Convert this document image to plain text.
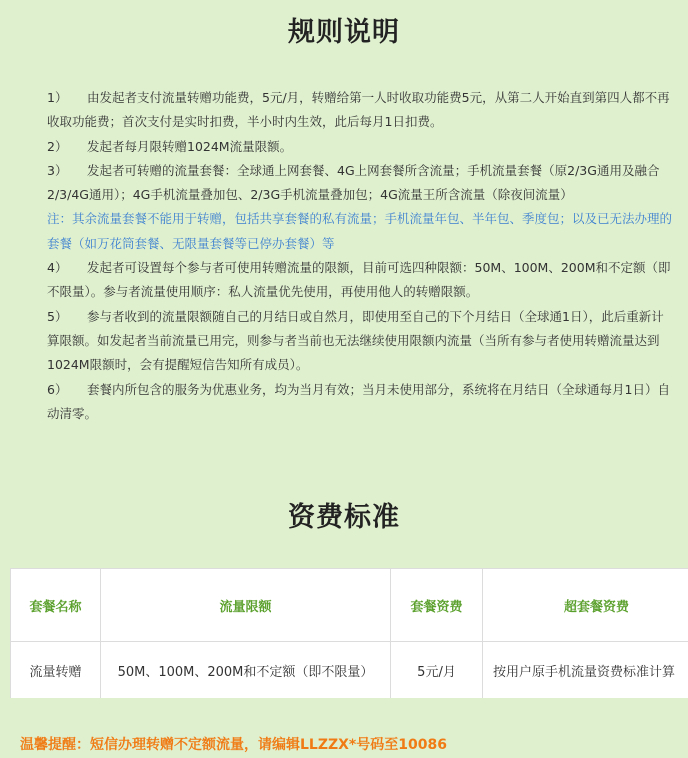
规则说明

1） 由发起者支付流量转赠功能费，5元/月，转赠给第一人时收取功能费5元，从第二人开始直到第四人都不再收取功能费；首次支付是实时扣费，半小时内生效，此后每月1日扣费。

2） 发起者每月限转赠1024M流量限额。

3） 发起者可转赠的流量套餐：全球通上网套餐、4G上网套餐所含流量；手机流量套餐（原2/3G通用及融合2/3/4G通用）；4G手机流量叠加包、2/3G手机流量叠加包；4G流量王所含流量（除夜间流量）

注：其余流量套餐不能用于转赠，包括共享套餐的私有流量；手机流量年包、半年包、季度包；以及已无法办理的套餐（如万花筒套餐、无限量套餐等已停办套餐）等

4） 发起者可设置每个参与者可使用转赠流量的限额，目前可选四种限额：50M、100M、200M和不定额（即不限量）。参与者流量使用顺序：私人流量优先使用，再使用他人的转赠限额。

5） 参与者收到的流量限额随自己的月结日或自然月，即使用至自己的下个月结日（全球通1日），此后重新计算限额。如发起者当前流量已用完，则参与者当前也无法继续使用限额内流量（当所有参与者使用转赠流量达到1024M限额时，会有提醒短信告知所有成员）。

6） 套餐内所包含的服务为优惠业务，均为当月有效；当月未使用部分，系统将在月结日（全球通每月1日）自动清零。

资费标准
套餐名称	流量限额	套餐资费	超套餐资费
流量转赠	50M、100M、200M和不定额（即不限量）	5元/月	按用户原手机流量资费标准计算
温馨提醒：短信办理转赠不定额流量，请编辑LLZZX*号码至10086
